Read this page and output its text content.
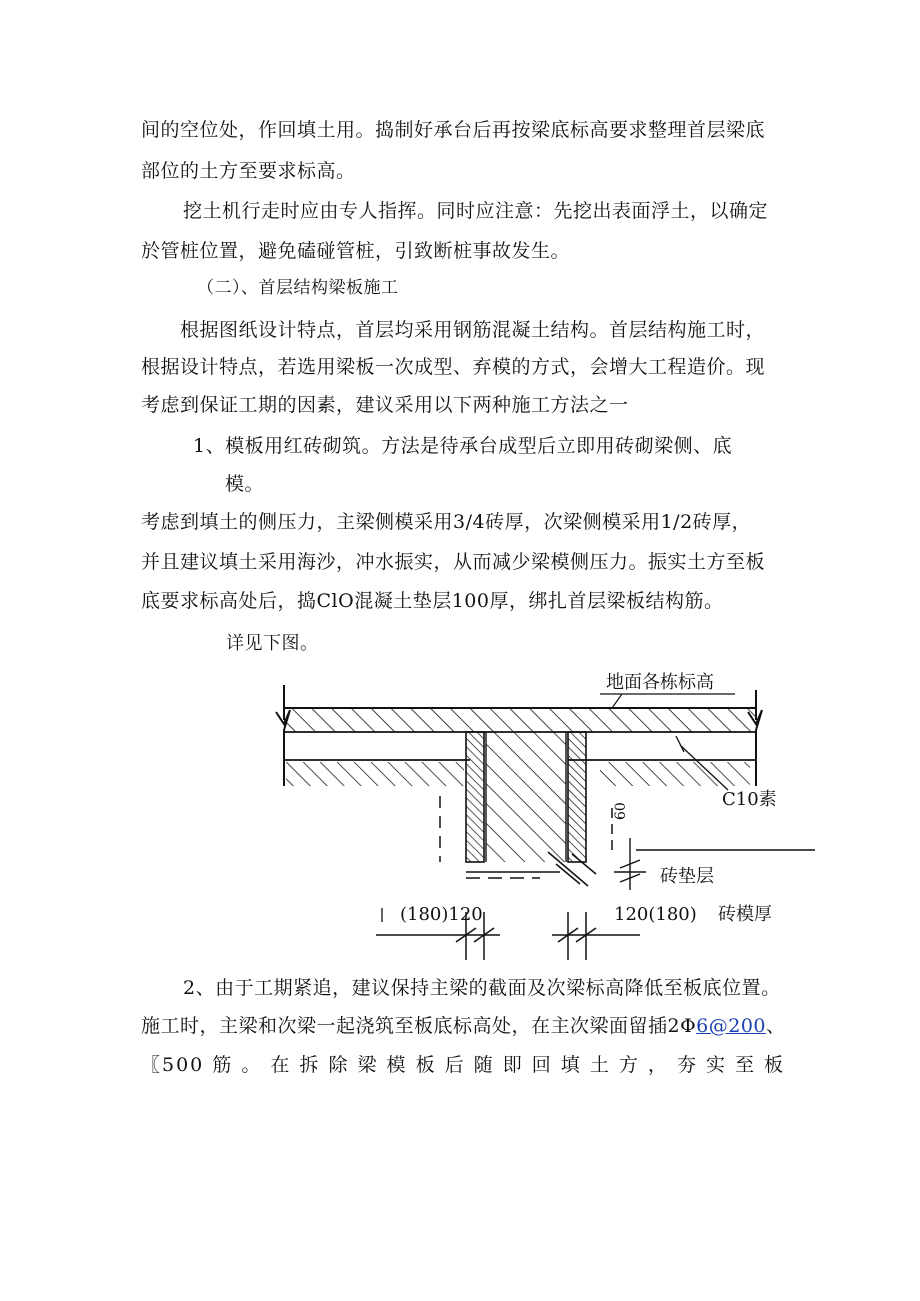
间的空位处，作回填土用。捣制好承台后再按梁底标高要求整理首层梁底
部位的土方至要求标高。
挖土机行走时应由专人指挥。同时应注意：先挖出表面浮土，以确定
於管桩位置，避免磕碰管桩，引致断桩事故发生。
（二）、首层结构梁板施工
根据图纸设计特点，首层均采用钢筋混凝土结构。首层结构施工时，
根据设计特点，若选用梁板一次成型、弃模的方式，会增大工程造价。现
考虑到保证工期的因素，建议采用以下两种施工方法之一
1、模板用红砖砌筑。方法是待承台成型后立即用砖砌梁侧、底
模。
考虑到填土的侧压力，主梁侧模采用3/4砖厚，次梁侧模采用1/2砖厚，
并且建议填土采用海沙，冲水振实，从而减少梁模侧压力。振实土方至板
底要求标高处后，捣ClO混凝土垫层100厚，绑扎首层梁板结构筋。
详见下图。
60
地面各栋标高
C10素
砖垫层
(180)120	120(180) 砖模厚
2、由于工期紧追，建议保持主梁的截面及次梁标高降低至板底位置。
施工时，主梁和次梁一起浇筑至板底标高处，在主次梁面留插2Φ6@200、
〖500 筋 。 在 拆 除 梁 模 板 后 随 即 回 填 土 方 ， 夯 实 至 板
